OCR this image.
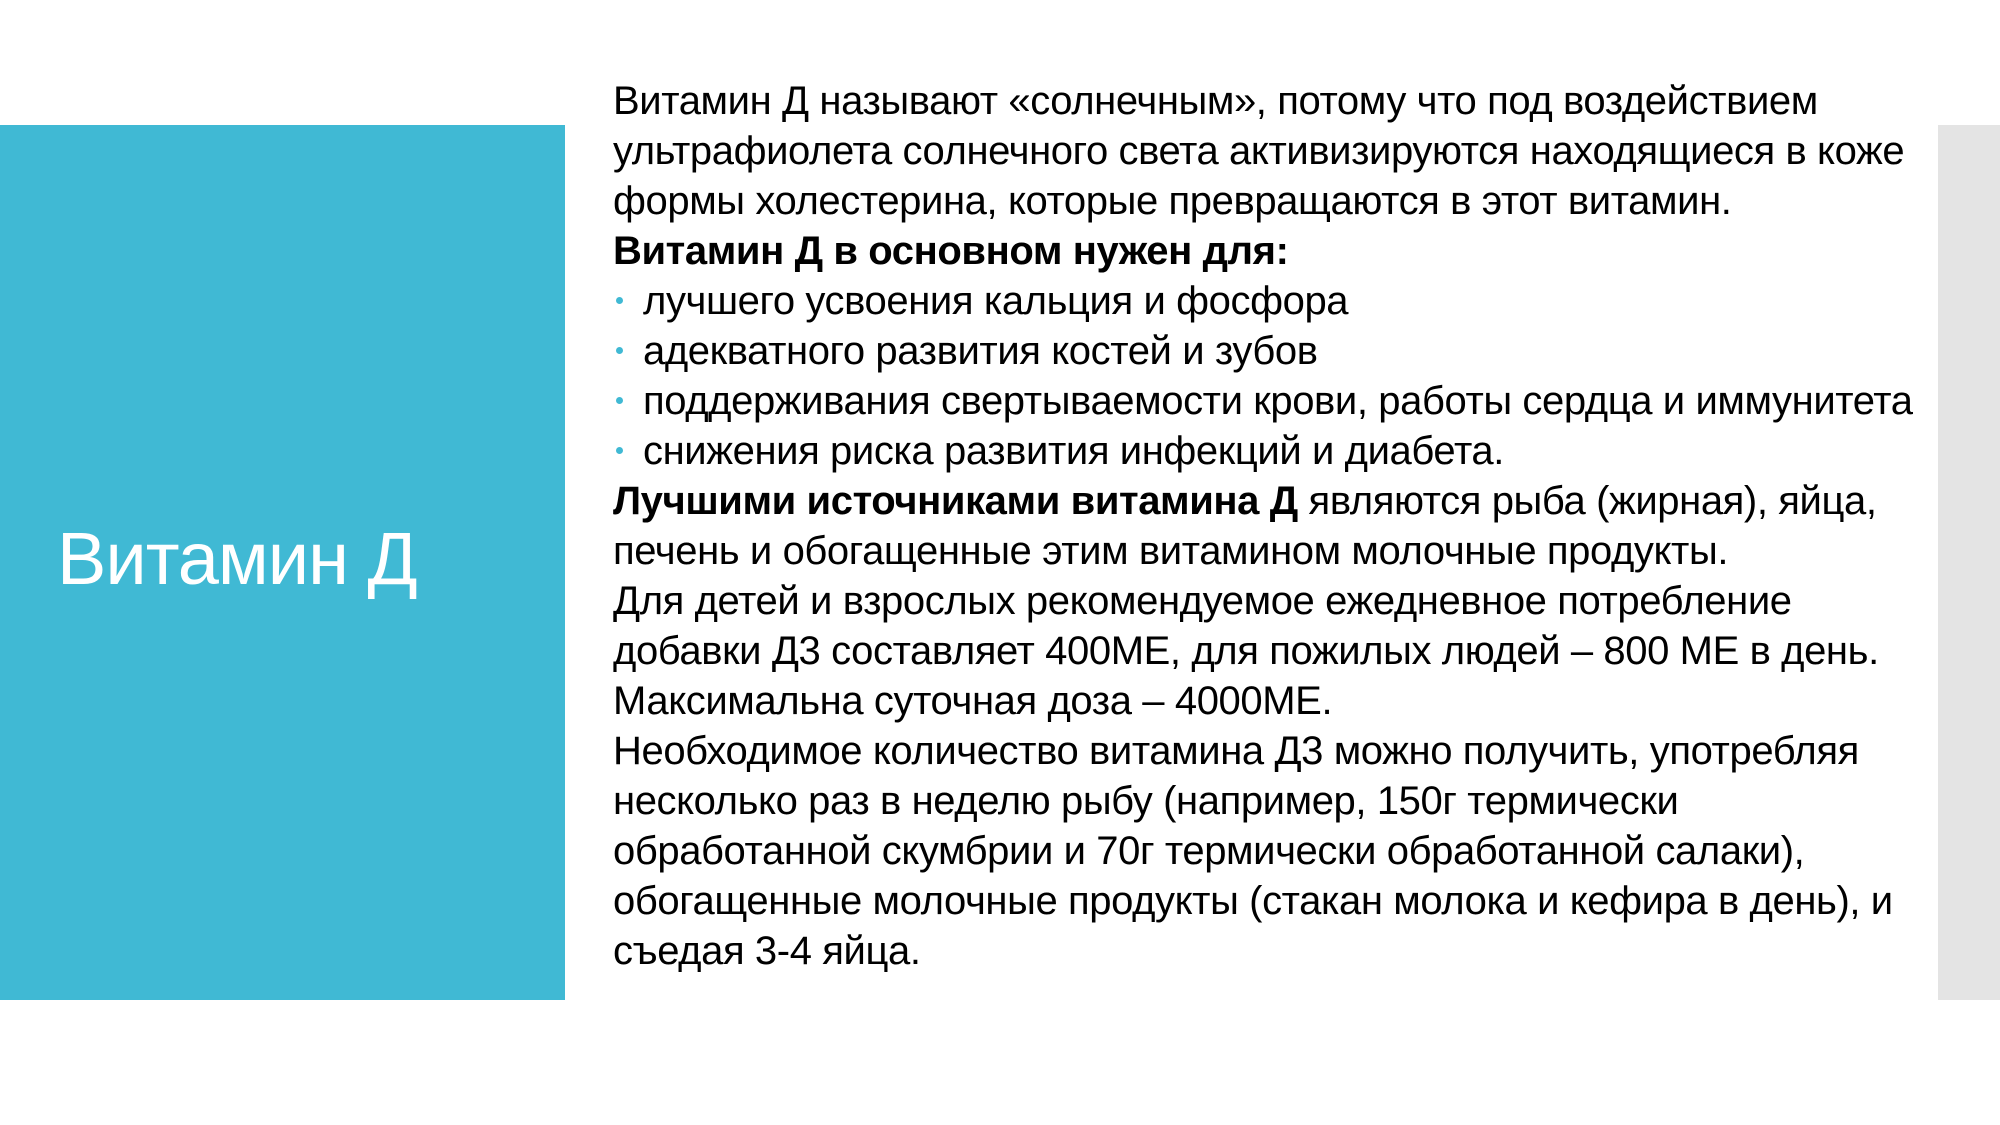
Витамин Д

Витамин Д называют «солнечным», потому что под воздействием ультрафиолета солнечного света активизируются находящиеся в коже формы холестерина, которые превращаются в этот витамин.

Витамин Д в основном нужен для:

лучшего усвоения кальция и фосфора
адекватного развития костей и зубов
поддерживания свертываемости крови, работы сердца и иммунитета
снижения риска развития инфекций и диабета.

Лучшими источниками витамина Д являются рыба (жирная), яйца, печень и обогащенные этим витамином молочные продукты.

Для детей и взрослых рекомендуемое ежедневное потребление добавки Д3 составляет 400МЕ, для пожилых людей – 800 МЕ в день. Максимальна суточная доза – 4000МЕ.

Необходимое количество витамина Д3 можно получить, употребляя несколько раз в неделю рыбу (например, 150г термически обработанной скумбрии и 70г термически обработанной салаки), обогащенные молочные продукты (стакан молока и кефира в день), и съедая 3-4 яйца.
